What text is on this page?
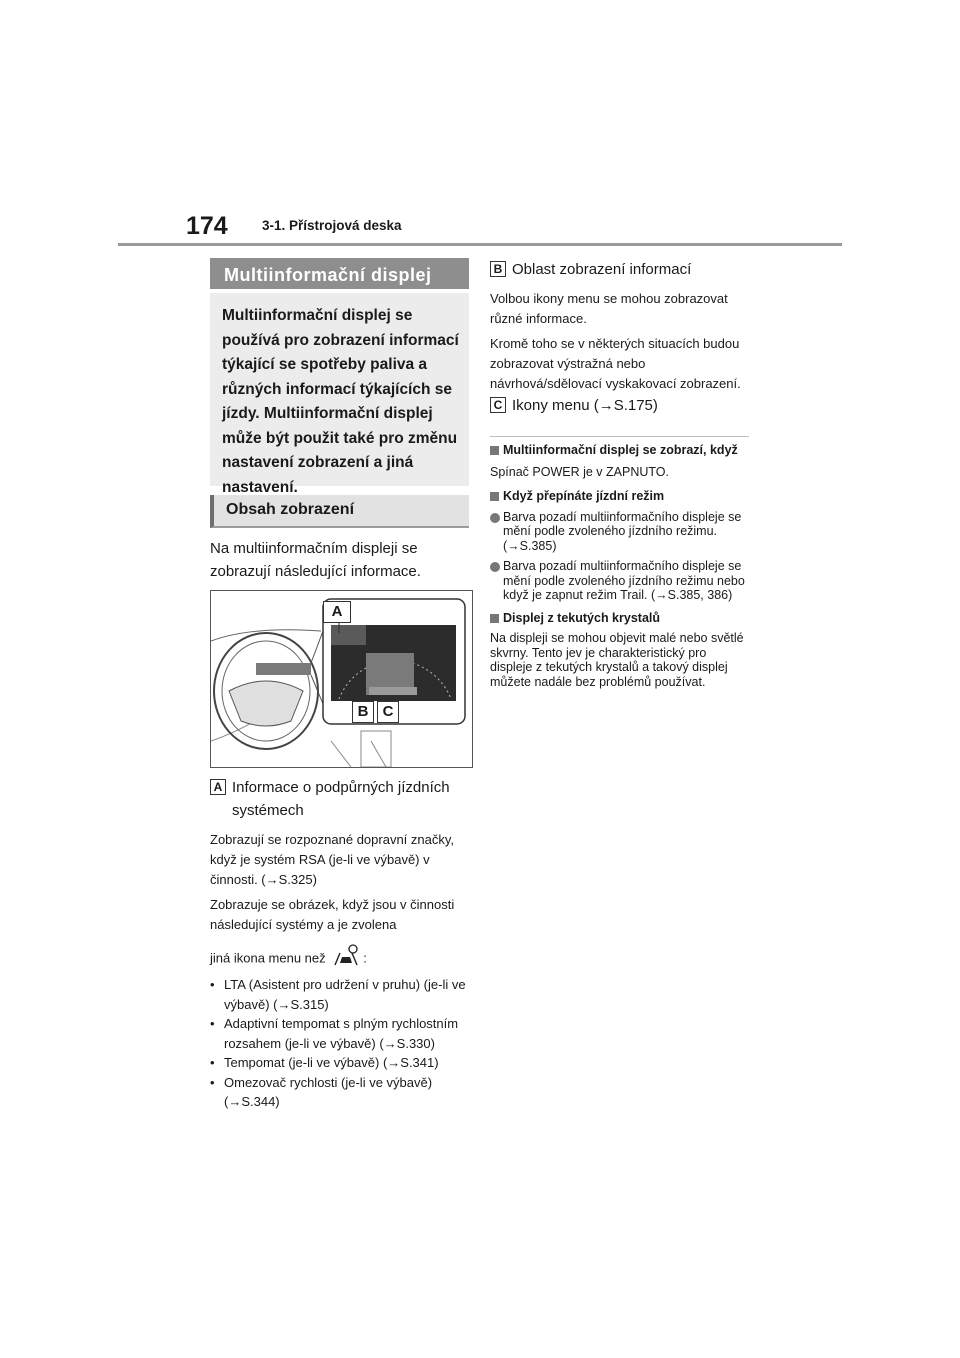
174	3-1. Přístrojová deska
Multiinformační displej

Multiinformační displej se používá pro zobrazení informací týkající se spotřeby paliva a různých informací týkajících se jízdy. Multiinformační displej může být použit také pro změnu nastavení zobrazení a jiná nastavení.

Obsah zobrazení

Na multiinformačním displeji se zobrazují následující informace.

A
B C
A Informace o podpůrných jízdních systémech

Zobrazují se rozpoznané dopravní značky, když je systém RSA (je-li ve výbavě) v činnosti. (→S.325)

Zobrazuje se obrázek, když jsou v činnosti následující systémy a je zvolena

jiná ikona menu než	:
• LTA (Asistent pro udržení v pruhu) (je-li ve výbavě) (→S.315)
• Adaptivní tempomat s plným rychlostním rozsahem (je-li ve výbavě) (→S.330)
• Tempomat (je-li ve výbavě) (→S.341)
• Omezovač rychlosti (je-li ve výbavě) (→S.344)
B Oblast zobrazení informací

Volbou ikony menu se mohou zobrazovat různé informace.

Kromě toho se v některých situacích budou zobrazovat výstražná nebo návrhová/sdělovací vyskakovací zobrazení.

C Ikony menu (→S.175)
Multiinformační displej se zobrazí, když

Spínač POWER je v ZAPNUTO.

Když přepínáte jízdní režim
Barva pozadí multiinformačního displeje se mění podle zvoleného jízdního režimu. (→S.385)
Barva pozadí multiinformačního displeje se mění podle zvoleného jízdního režimu nebo když je zapnut režim Trail. (→S.385, 386)
Displej z tekutých krystalů

Na displeji se mohou objevit malé nebo světlé skvrny. Tento jev je charakteristický pro displeje z tekutých krystalů a takový displej můžete nadále bez problémů používat.
